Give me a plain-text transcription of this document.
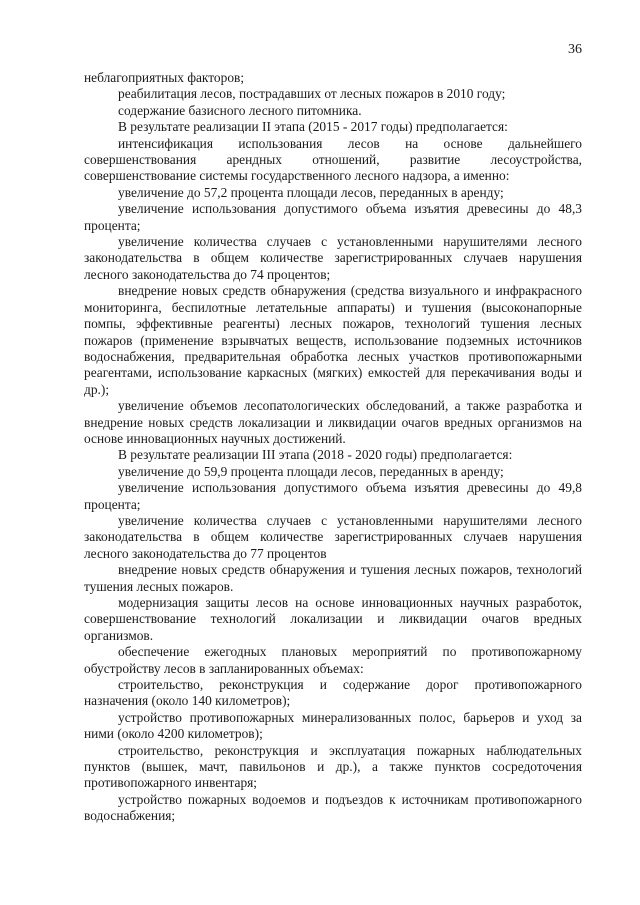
36

неблагоприятных факторов;

реабилитация лесов, пострадавших от лесных пожаров в 2010 году;

содержание базисного лесного питомника.

В результате реализации II этапа (2015 - 2017 годы) предполагается:

интенсификация использования лесов на основе дальнейшего совершенствования арендных отношений, развитие лесоустройства, совершенствование системы государственного лесного надзора, а именно:

увеличение до 57,2 процента площади лесов, переданных в аренду;

увеличение использования допустимого объема изъятия древесины до 48,3 процента;

увеличение количества случаев с установленными нарушителями лесного законодательства в общем количестве зарегистрированных случаев нарушения лесного законодательства до 74 процентов;

внедрение новых средств обнаружения (средства визуального и инфракрасного мониторинга, беспилотные летательные аппараты) и тушения (высоконапорные помпы, эффективные реагенты) лесных пожаров, технологий тушения лесных пожаров (применение взрывчатых веществ, использование подземных источников водоснабжения, предварительная обработка лесных участков противопожарными реагентами, использование каркасных (мягких) емкостей для перекачивания воды и др.);

увеличение объемов лесопатологических обследований, а также разработка и внедрение новых средств локализации и ликвидации очагов вредных организмов на основе инновационных научных достижений.

В результате реализации III этапа (2018 - 2020 годы) предполагается:

увеличение до 59,9 процента площади лесов, переданных в аренду;

увеличение использования допустимого объема изъятия древесины до 49,8 процента;

увеличение количества случаев с установленными нарушителями лесного законодательства в общем количестве зарегистрированных случаев нарушения лесного законодательства до 77 процентов

внедрение новых средств обнаружения и тушения лесных пожаров, технологий тушения лесных пожаров.

модернизация защиты лесов на основе инновационных научных разработок, совершенствование технологий локализации и ликвидации очагов вредных организмов.

обеспечение ежегодных плановых мероприятий по противопожарному обустройству лесов в запланированных объемах:

строительство, реконструкция и содержание дорог противопожарного назначения (около 140 километров);

устройство противопожарных минерализованных полос, барьеров и уход за ними (около 4200 километров);

строительство, реконструкция и эксплуатация пожарных наблюдательных пунктов (вышек, мачт, павильонов и др.), а также пунктов сосредоточения противопожарного инвентаря;

устройство пожарных водоемов и подъездов к источникам противопожарного водоснабжения;
